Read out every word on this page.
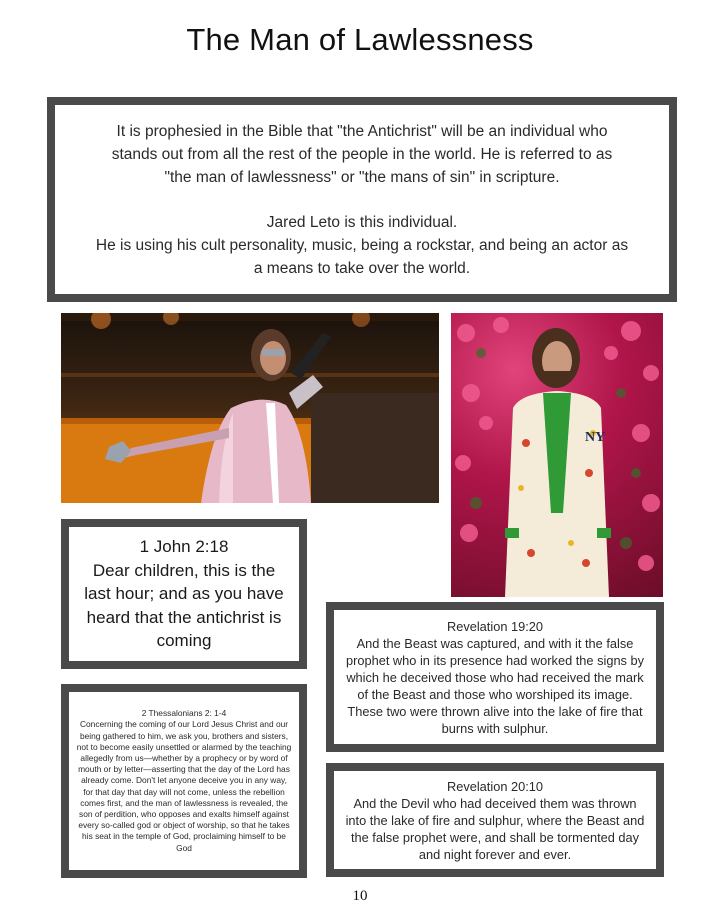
The Man of Lawlessness

It is prophesied in the Bible that "the Antichrist" will be an individual who

stands out from all the rest of the people in the world. He is referred to as

"the man of lawlessness" or "the mans of sin" in scripture.

Jared Leto is this individual.

He is using his cult personality, music, being a rockstar, and being an actor as

a means to take over the world.

NY

1 John 2:18

Dear children, this is the last hour; and as you have heard that the antichrist is coming

2 Thessalonians 2: 1-4

Concerning the coming of our Lord Jesus Christ and our being gathered to him, we ask you, brothers and sisters, not to become easily unsettled or alarmed by the teaching allegedly from us—whether by a prophecy or by word of mouth or by letter—asserting that the day of the Lord has already come. Don't let anyone deceive you in any way, for that day that day will not come, unless the rebellion comes first, and the man of lawlessness is revealed, the son of perdition, who opposes and exalts himself against every so-called god or object of worship, so that he takes his seat in the temple of God, proclaiming himself to be God

Revelation 19:20

And the Beast was captured, and with it the false prophet who in its presence had worked the signs by which he deceived those who had received the mark of the Beast and those who worshiped its image. These two were thrown alive into the lake of fire that burns with sulphur.

Revelation 20:10

And the Devil who had deceived them was thrown into the lake of fire and sulphur, where the Beast and the false prophet were, and shall be tormented day and night forever and ever.

10
